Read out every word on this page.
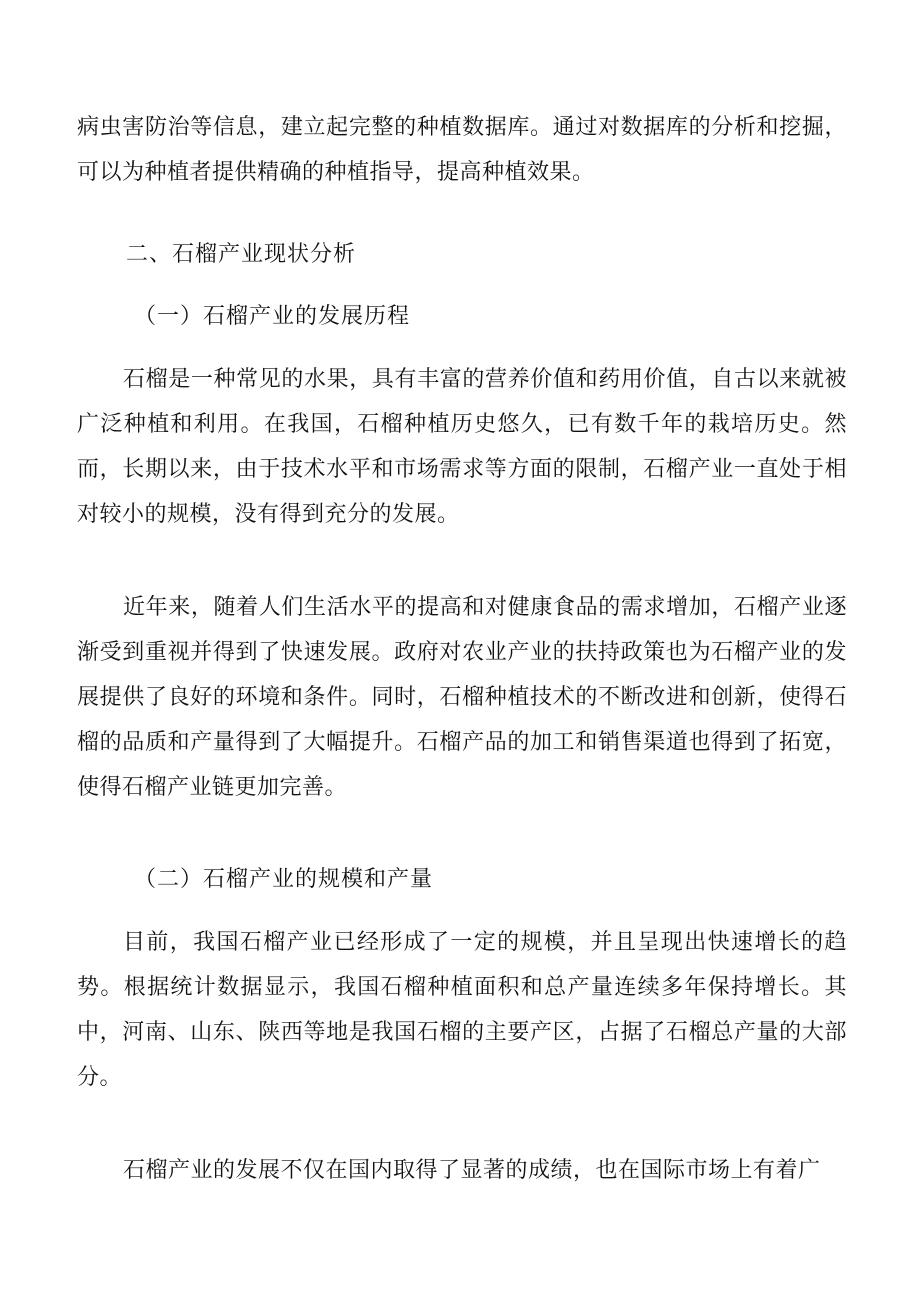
病虫害防治等信息，建立起完整的种植数据库。通过对数据库的分析和挖掘，可以为种植者提供精确的种植指导，提高种植效果。

二、石榴产业现状分析
（一）石榴产业的发展历程

石榴是一种常见的水果，具有丰富的营养价值和药用价值，自古以来就被广泛种植和利用。在我国，石榴种植历史悠久，已有数千年的栽培历史。然而，长期以来，由于技术水平和市场需求等方面的限制，石榴产业一直处于相对较小的规模，没有得到充分的发展。

近年来，随着人们生活水平的提高和对健康食品的需求增加，石榴产业逐渐受到重视并得到了快速发展。政府对农业产业的扶持政策也为石榴产业的发展提供了良好的环境和条件。同时，石榴种植技术的不断改进和创新，使得石榴的品质和产量得到了大幅提升。石榴产品的加工和销售渠道也得到了拓宽，使得石榴产业链更加完善。

（二）石榴产业的规模和产量

目前，我国石榴产业已经形成了一定的规模，并且呈现出快速增长的趋势。根据统计数据显示，我国石榴种植面积和总产量连续多年保持增长。其中，河南、山东、陕西等地是我国石榴的主要产区，占据了石榴总产量的大部分。

石榴产业的发展不仅在国内取得了显著的成绩，也在国际市场上有着广
